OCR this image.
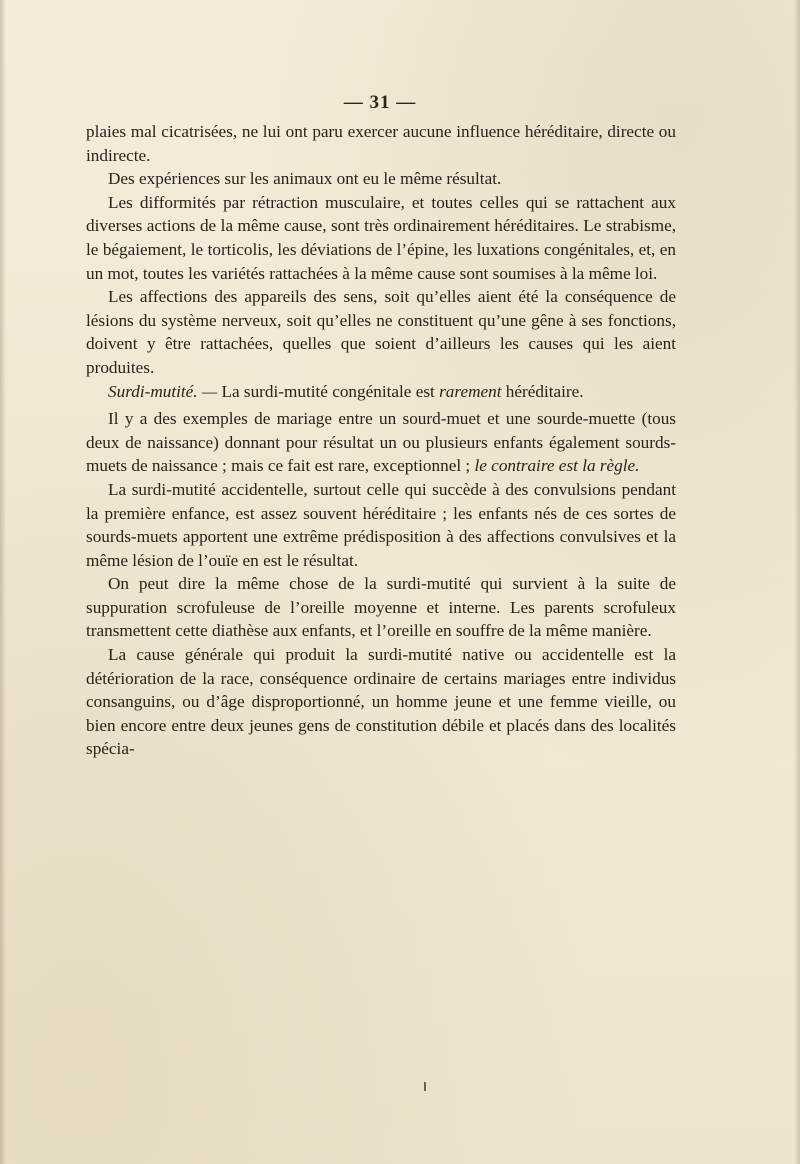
— 31 —

plaies mal cicatrisées, ne lui ont paru exercer aucune influence héréditaire, directe ou indirecte.

Des expériences sur les animaux ont eu le même résultat.

Les difformités par rétraction musculaire, et toutes celles qui se rattachent aux diverses actions de la même cause, sont très ordinairement héréditaires. Le strabisme, le bégaiement, le torticolis, les déviations de l’épine, les luxations congénitales, et, en un mot, toutes les variétés rattachées à la même cause sont soumises à la même loi.

Les affections des appareils des sens, soit qu’elles aient été la conséquence de lésions du système nerveux, soit qu’elles ne constituent qu’une gêne à ses fonctions, doivent y être rattachées, quelles que soient d’ailleurs les causes qui les aient produites.

Surdi-mutité. — La surdi-mutité congénitale est rarement héréditaire.

Il y a des exemples de mariage entre un sourd-muet et une sourde-muette (tous deux de naissance) donnant pour résultat un ou plusieurs enfants également sourds-muets de naissance ; mais ce fait est rare, exceptionnel ; le contraire est la règle.

La surdi-mutité accidentelle, surtout celle qui succède à des convulsions pendant la première enfance, est assez souvent héréditaire ; les enfants nés de ces sortes de sourds-muets apportent une extrême prédisposition à des affections convulsives et la même lésion de l’ouïe en est le résultat.

On peut dire la même chose de la surdi-mutité qui survient à la suite de suppuration scrofuleuse de l’oreille moyenne et interne. Les parents scrofuleux transmettent cette diathèse aux enfants, et l’oreille en souffre de la même manière.

La cause générale qui produit la surdi-mutité native ou accidentelle est la détérioration de la race, conséquence ordinaire de certains mariages entre individus consanguins, ou d’âge disproportionné, un homme jeune et une femme vieille, ou bien encore entre deux jeunes gens de constitution débile et placés dans des localités spécia-
